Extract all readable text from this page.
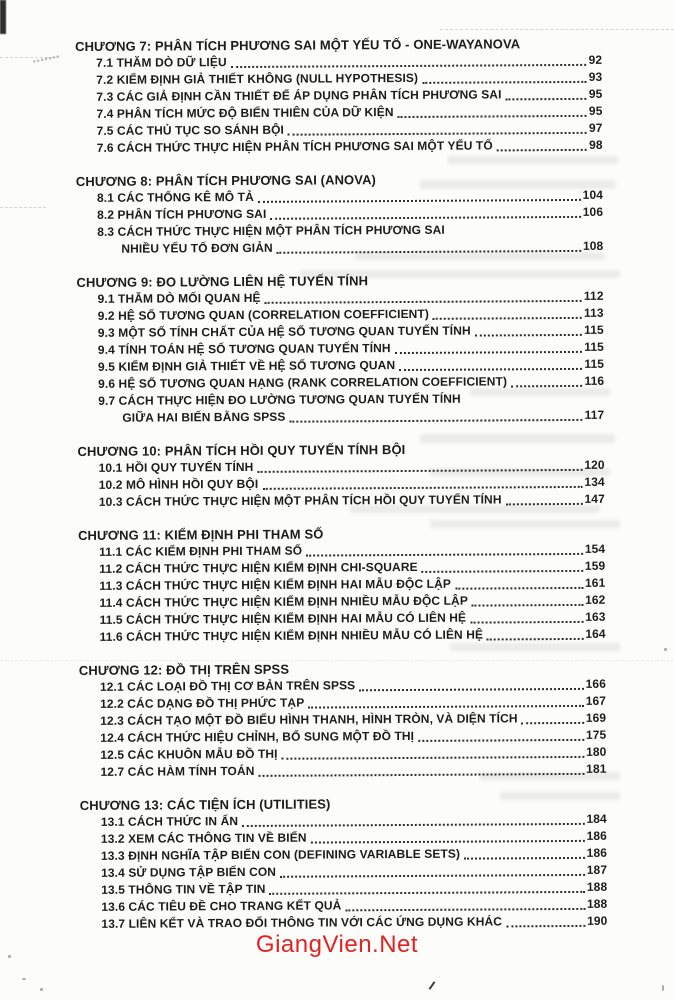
CHƯƠNG 7: PHÂN TÍCH PHƯƠNG SAI MỘT YẾU TỐ - ONE-WAYANOVA
7.1 THĂM DÒ DỮ LIỆU	92
7.2 KIỂM ĐỊNH GIẢ THIẾT KHÔNG (NULL HYPOTHESIS)	93
7.3 CÁC GIẢ ĐỊNH CẦN THIẾT ĐỂ ÁP DỤNG PHÂN TÍCH PHƯƠNG SAI	95
7.4 PHÂN TÍCH MỨC ĐỘ BIẾN THIÊN CỦA DỮ KIỆN	95
7.5 CÁC THỦ TỤC SO SÁNH BỘI	97
7.6 CÁCH THỨC THỰC HIỆN PHÂN TÍCH PHƯƠNG SAI MỘT YẾU TỐ	98
CHƯƠNG 8: PHÂN TÍCH PHƯƠNG SAI (ANOVA)
8.1 CÁC THỐNG KÊ MÔ TẢ	104
8.2 PHÂN TÍCH PHƯƠNG SAI	106
8.3 CÁCH THỨC THỰC HIỆN MỘT PHÂN TÍCH PHƯƠNG SAI
NHIỀU YẾU TỐ ĐƠN GIẢN	108
CHƯƠNG 9: ĐO LƯỜNG LIÊN HỆ TUYẾN TÍNH
9.1 THĂM DÒ MỐI QUAN HỆ	112
9.2 HỆ SỐ TƯƠNG QUAN (CORRELATION COEFFICIENT)	113
9.3 MỘT SỐ TÍNH CHẤT CỦA HỆ SỐ TƯƠNG QUAN TUYẾN TÍNH	115
9.4 TÍNH TOÁN HỆ SỐ TƯƠNG QUAN TUYẾN TÍNH	115
9.5 KIỂM ĐỊNH GIẢ THIẾT VỀ HỆ SỐ TƯƠNG QUAN	115
9.6 HỆ SỐ TƯƠNG QUAN HẠNG (RANK CORRELATION COEFFICIENT)	116
9.7 CÁCH THỰC HIỆN ĐO LƯỜNG TƯƠNG QUAN TUYẾN TÍNH
GIỮA HAI BIẾN BẰNG SPSS	117
CHƯƠNG 10: PHÂN TÍCH HỒI QUY TUYẾN TÍNH BỘI
10.1 HỒI QUY TUYẾN TÍNH	120
10.2 MÔ HÌNH HỒI QUY BỘI	134
10.3 CÁCH THỨC THỰC HIỆN MỘT PHÂN TÍCH HỒI QUY TUYẾN TÍNH	147
CHƯƠNG 11: KIỂM ĐỊNH PHI THAM SỐ
11.1 CÁC KIỂM ĐỊNH PHI THAM SỐ	154
11.2 CÁCH THỨC THỰC HIỆN KIỂM ĐỊNH CHI-SQUARE	159
11.3 CÁCH THỨC THỰC HIỆN KIỂM ĐỊNH HAI MẪU ĐỘC LẬP	161
11.4 CÁCH THỨC THỰC HIỆN KIỂM ĐỊNH NHIỀU MẪU ĐỘC LẬP	162
11.5 CÁCH THỨC THỰC HIỆN KIỂM ĐỊNH HAI MẪU CÓ LIÊN HỆ	163
11.6 CÁCH THỨC THỰC HIỆN KIỂM ĐỊNH NHIỀU MẪU CÓ LIÊN HỆ	164
CHƯƠNG 12: ĐỒ THỊ TRÊN SPSS
12.1 CÁC LOẠI ĐỒ THỊ CƠ BẢN TRÊN SPSS	166
12.2 CÁC DẠNG ĐỒ THỊ PHỨC TẠP	167
12.3 CÁCH TẠO MỘT ĐỒ BIỂU HÌNH THANH, HÌNH TRÒN, VÀ DIỆN TÍCH	169
12.4 CÁCH THỨC HIỆU CHỈNH, BỔ SUNG MỘT ĐỒ THỊ	175
12.5 CÁC KHUÔN MẪU ĐỒ THỊ	180
12.7 CÁC HÀM TÍNH TOÁN	181
CHƯƠNG 13: CÁC TIỆN ÍCH (UTILITIES)
13.1 CÁCH THỨC IN ẤN	184
13.2 XEM CÁC THÔNG TIN VỀ BIẾN	186
13.3 ĐỊNH NGHĨA TẬP BIẾN CON (DEFINING VARIABLE SETS)	186
13.4 SỬ DỤNG TẬP BIẾN CON	187
13.5 THÔNG TIN VỀ TẬP TIN	188
13.6 CÁC TIÊU ĐỀ CHO TRANG KẾT QUẢ	188
13.7 LIÊN KẾT VÀ TRAO ĐỔI THÔNG TIN VỚI CÁC ỨNG DỤNG KHÁC	190
GiangVien.Net
